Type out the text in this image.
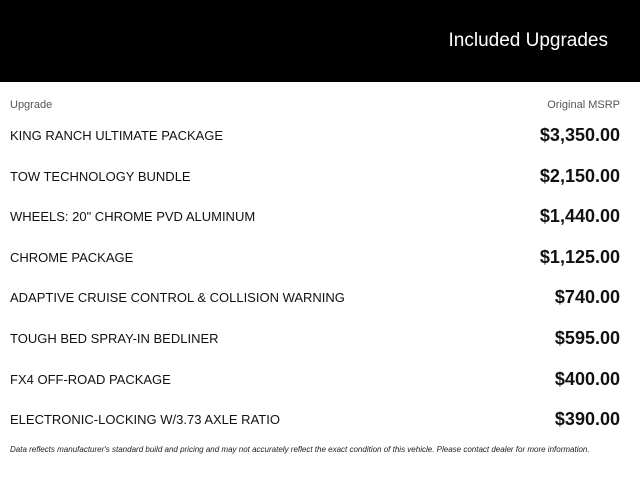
Included Upgrades
Upgrade	Original MSRP
KING RANCH ULTIMATE PACKAGE	$3,350.00
TOW TECHNOLOGY BUNDLE	$2,150.00
WHEELS: 20" CHROME PVD ALUMINUM	$1,440.00
CHROME PACKAGE	$1,125.00
ADAPTIVE CRUISE CONTROL & COLLISION WARNING	$740.00
TOUGH BED SPRAY-IN BEDLINER	$595.00
FX4 OFF-ROAD PACKAGE	$400.00
ELECTRONIC-LOCKING W/3.73 AXLE RATIO	$390.00
Data reflects manufacturer's standard build and pricing and may not accurately reflect the exact condition of this vehicle. Please contact dealer for more information.
